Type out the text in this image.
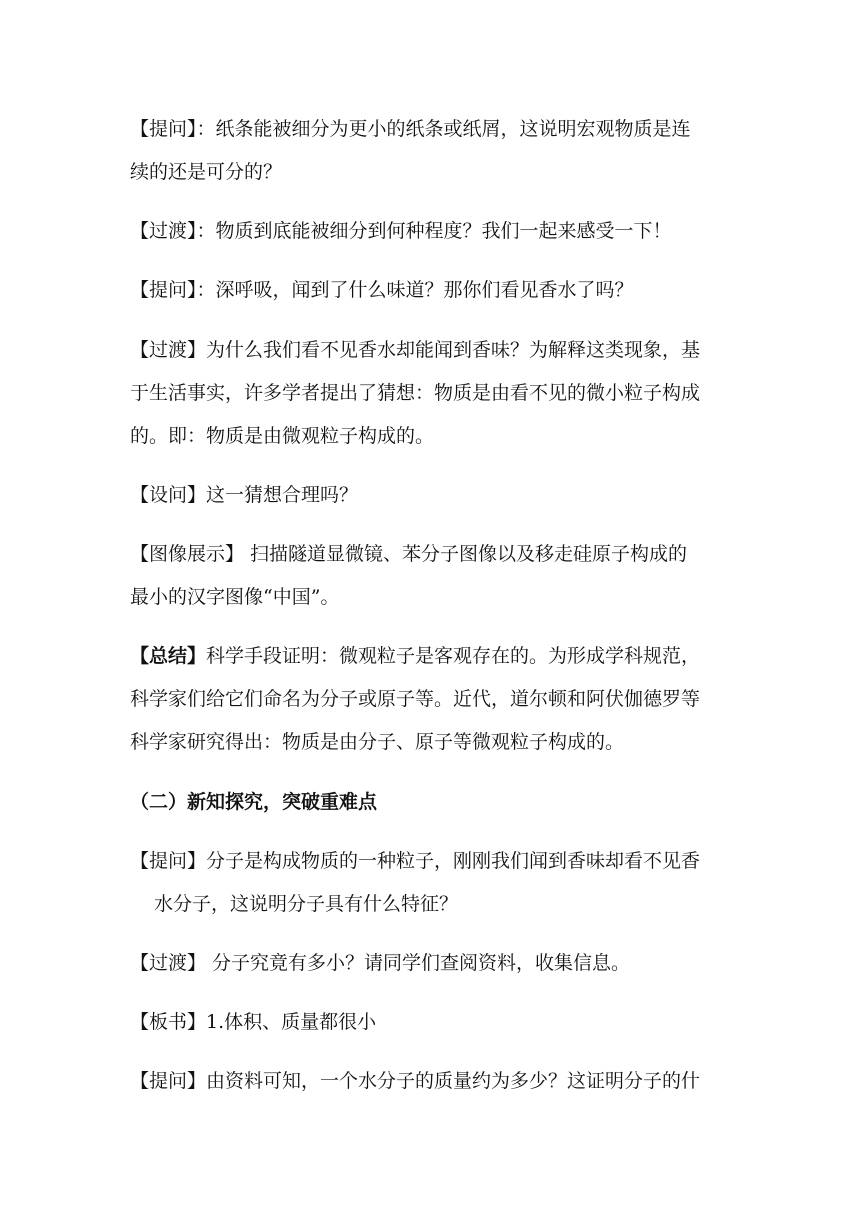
【提问】：纸条能被细分为更小的纸条或纸屑，这说明宏观物质是连
续的还是可分的？
【过渡】：物质到底能被细分到何种程度？我们一起来感受一下！
【提问】：深呼吸，闻到了什么味道？那你们看见香水了吗？
【过渡】为什么我们看不见香水却能闻到香味？为解释这类现象，基
于生活事实，许多学者提出了猜想：物质是由看不见的微小粒子构成
的。即：物质是由微观粒子构成的。
【设问】这一猜想合理吗？
【图像展示】 扫描隧道显微镜、苯分子图像以及移走硅原子构成的
最小的汉字图像“中国”。
【总结】科学手段证明：微观粒子是客观存在的。为形成学科规范，
科学家们给它们命名为分子或原子等。近代，道尔顿和阿伏伽德罗等
科学家研究得出：物质是由分子、原子等微观粒子构成的。
（二）新知探究，突破重难点
【提问】分子是构成物质的一种粒子，刚刚我们闻到香味却看不见香
水分子，这说明分子具有什么特征？
【过渡】 分子究竟有多小？请同学们查阅资料，收集信息。
【板书】1.体积、质量都很小
【提问】由资料可知，一个水分子的质量约为多少？这证明分子的什
